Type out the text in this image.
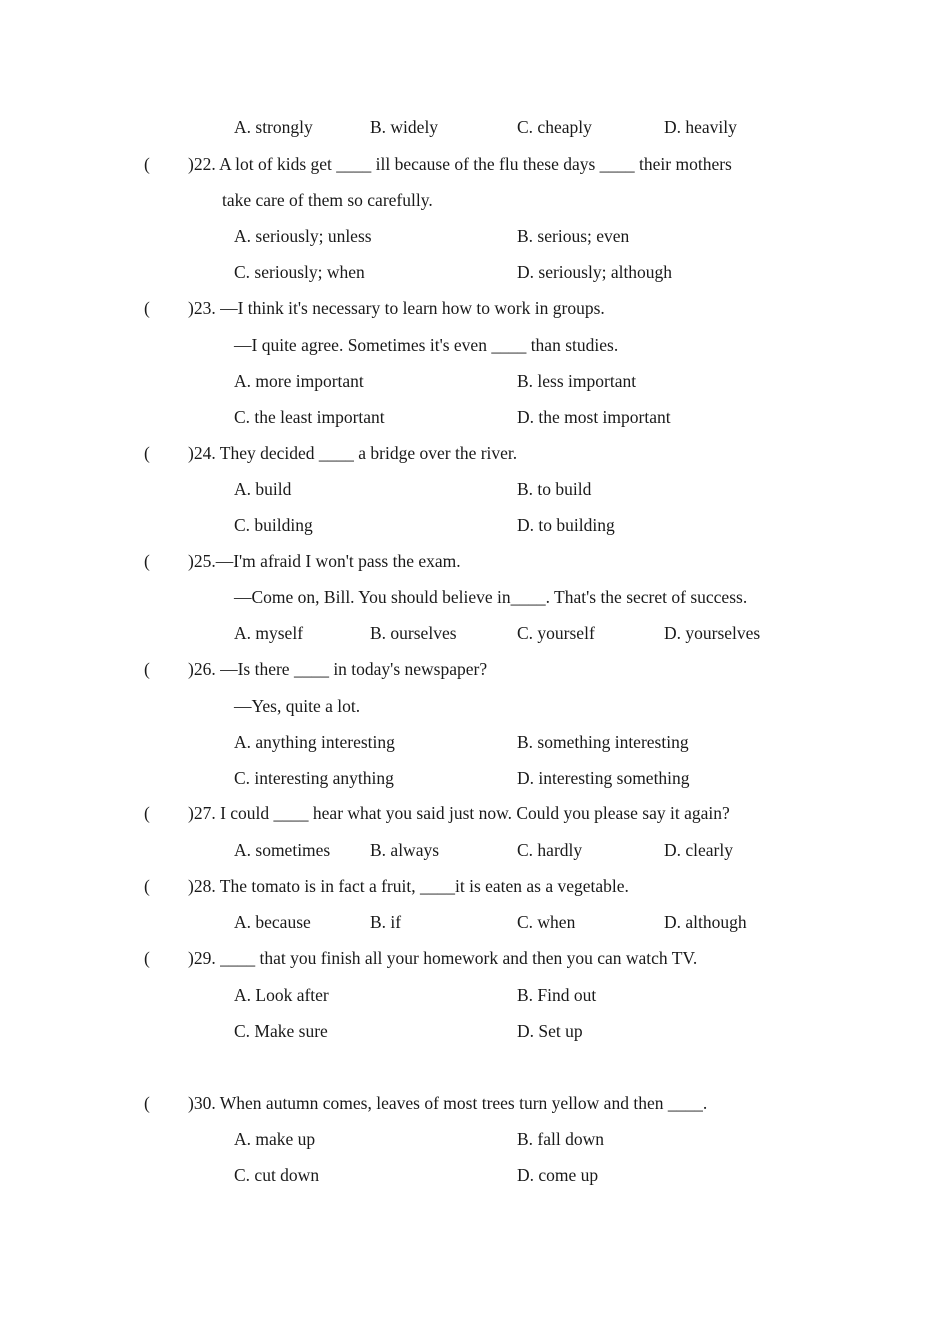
A. strongly	B. widely	C. cheaply	D. heavily
( )22. A lot of kids get ____ ill because of the flu these days ____ their mothers
take care of them so carefully.
A. seriously; unless	B. serious; even
C. seriously; when	D. seriously; although
( )23. —I think it's necessary to learn how to work in groups.
—I quite agree. Sometimes it's even ____ than studies.
A. more important	B. less important
C. the least important	D. the most important
( )24. They decided ____ a bridge over the river.
A. build	B. to build
C. building	D. to building
( )25.—I'm afraid I won't pass the exam.
—Come on, Bill. You should believe in____. That's the secret of success.
A. myself	B. ourselves	C. yourself	D. yourselves
( )26. —Is there ____ in today's newspaper?
—Yes, quite a lot.
A. anything interesting	B. something interesting
C. interesting anything	D. interesting something
( )27. I could ____ hear what you said just now. Could you please say it again?
A. sometimes B. always	C. hardly	D. clearly
( )28. The tomato is in fact a fruit, ____it is eaten as a vegetable.
A. because	B. if	C. when	D. although
( )29. ____ that you finish all your homework and then you can watch TV.
A. Look after	B. Find out
C. Make sure	D. Set up
( )30. When autumn comes, leaves of most trees turn yellow and then ____.
A. make up	B. fall down
C. cut down	D. come up
